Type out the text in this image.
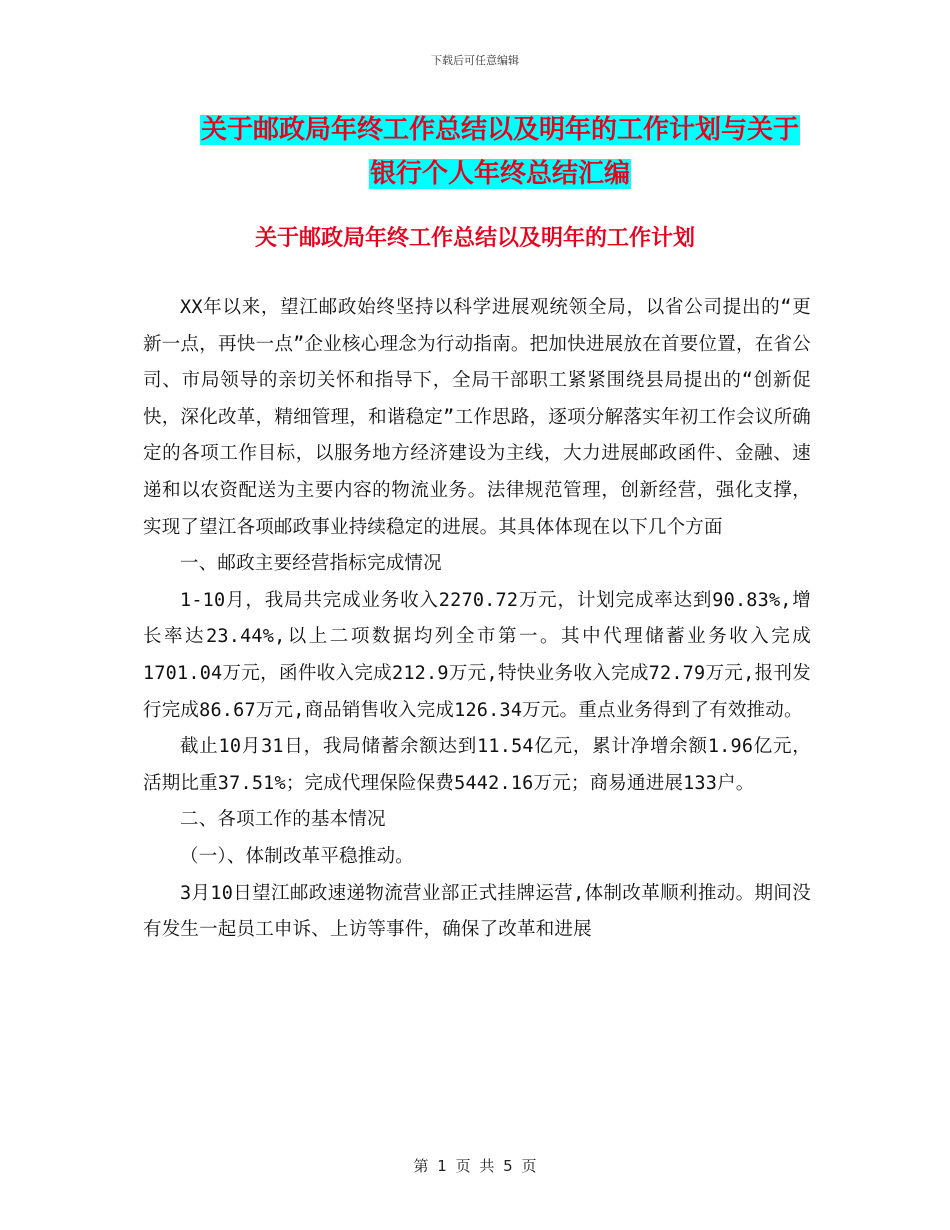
下载后可任意编辑
关于邮政局年终工作总结以及明年的工作计划与关于
银行个人年终总结汇编
关于邮政局年终工作总结以及明年的工作计划

XX年以来，望江邮政始终坚持以科学进展观统领全局，以省公司提出的“更新一点，再快一点”企业核心理念为行动指南。把加快进展放在首要位置，在省公司、市局领导的亲切关怀和指导下，全局干部职工紧紧围绕县局提出的“创新促快，深化改革，精细管理，和谐稳定”工作思路，逐项分解落实年初工作会议所确定的各项工作目标，以服务地方经济建设为主线，大力进展邮政函件、金融、速递和以农资配送为主要内容的物流业务。法律规范管理，创新经营，强化支撑，实现了望江各项邮政事业持续稳定的进展。其具体体现在以下几个方面

一、邮政主要经营指标完成情况

1-10月，我局共完成业务收入2270.72万元，计划完成率达到90.83%,增长率达23.44%,以上二项数据均列全市第一。其中代理储蓄业务收入完成1701.04万元，函件收入完成212.9万元,特快业务收入完成72.79万元,报刊发行完成86.67万元,商品销售收入完成126.34万元。重点业务得到了有效推动。

截止10月31日，我局储蓄余额达到11.54亿元，累计净增余额1.96亿元，活期比重37.51%；完成代理保险保费5442.16万元；商易通进展133户。

二、各项工作的基本情况

（一）、体制改革平稳推动。

3月10日望江邮政速递物流营业部正式挂牌运营,体制改革顺利推动。期间没有发生一起员工申诉、上访等事件，确保了改革和进展

第 1 页 共 5 页
